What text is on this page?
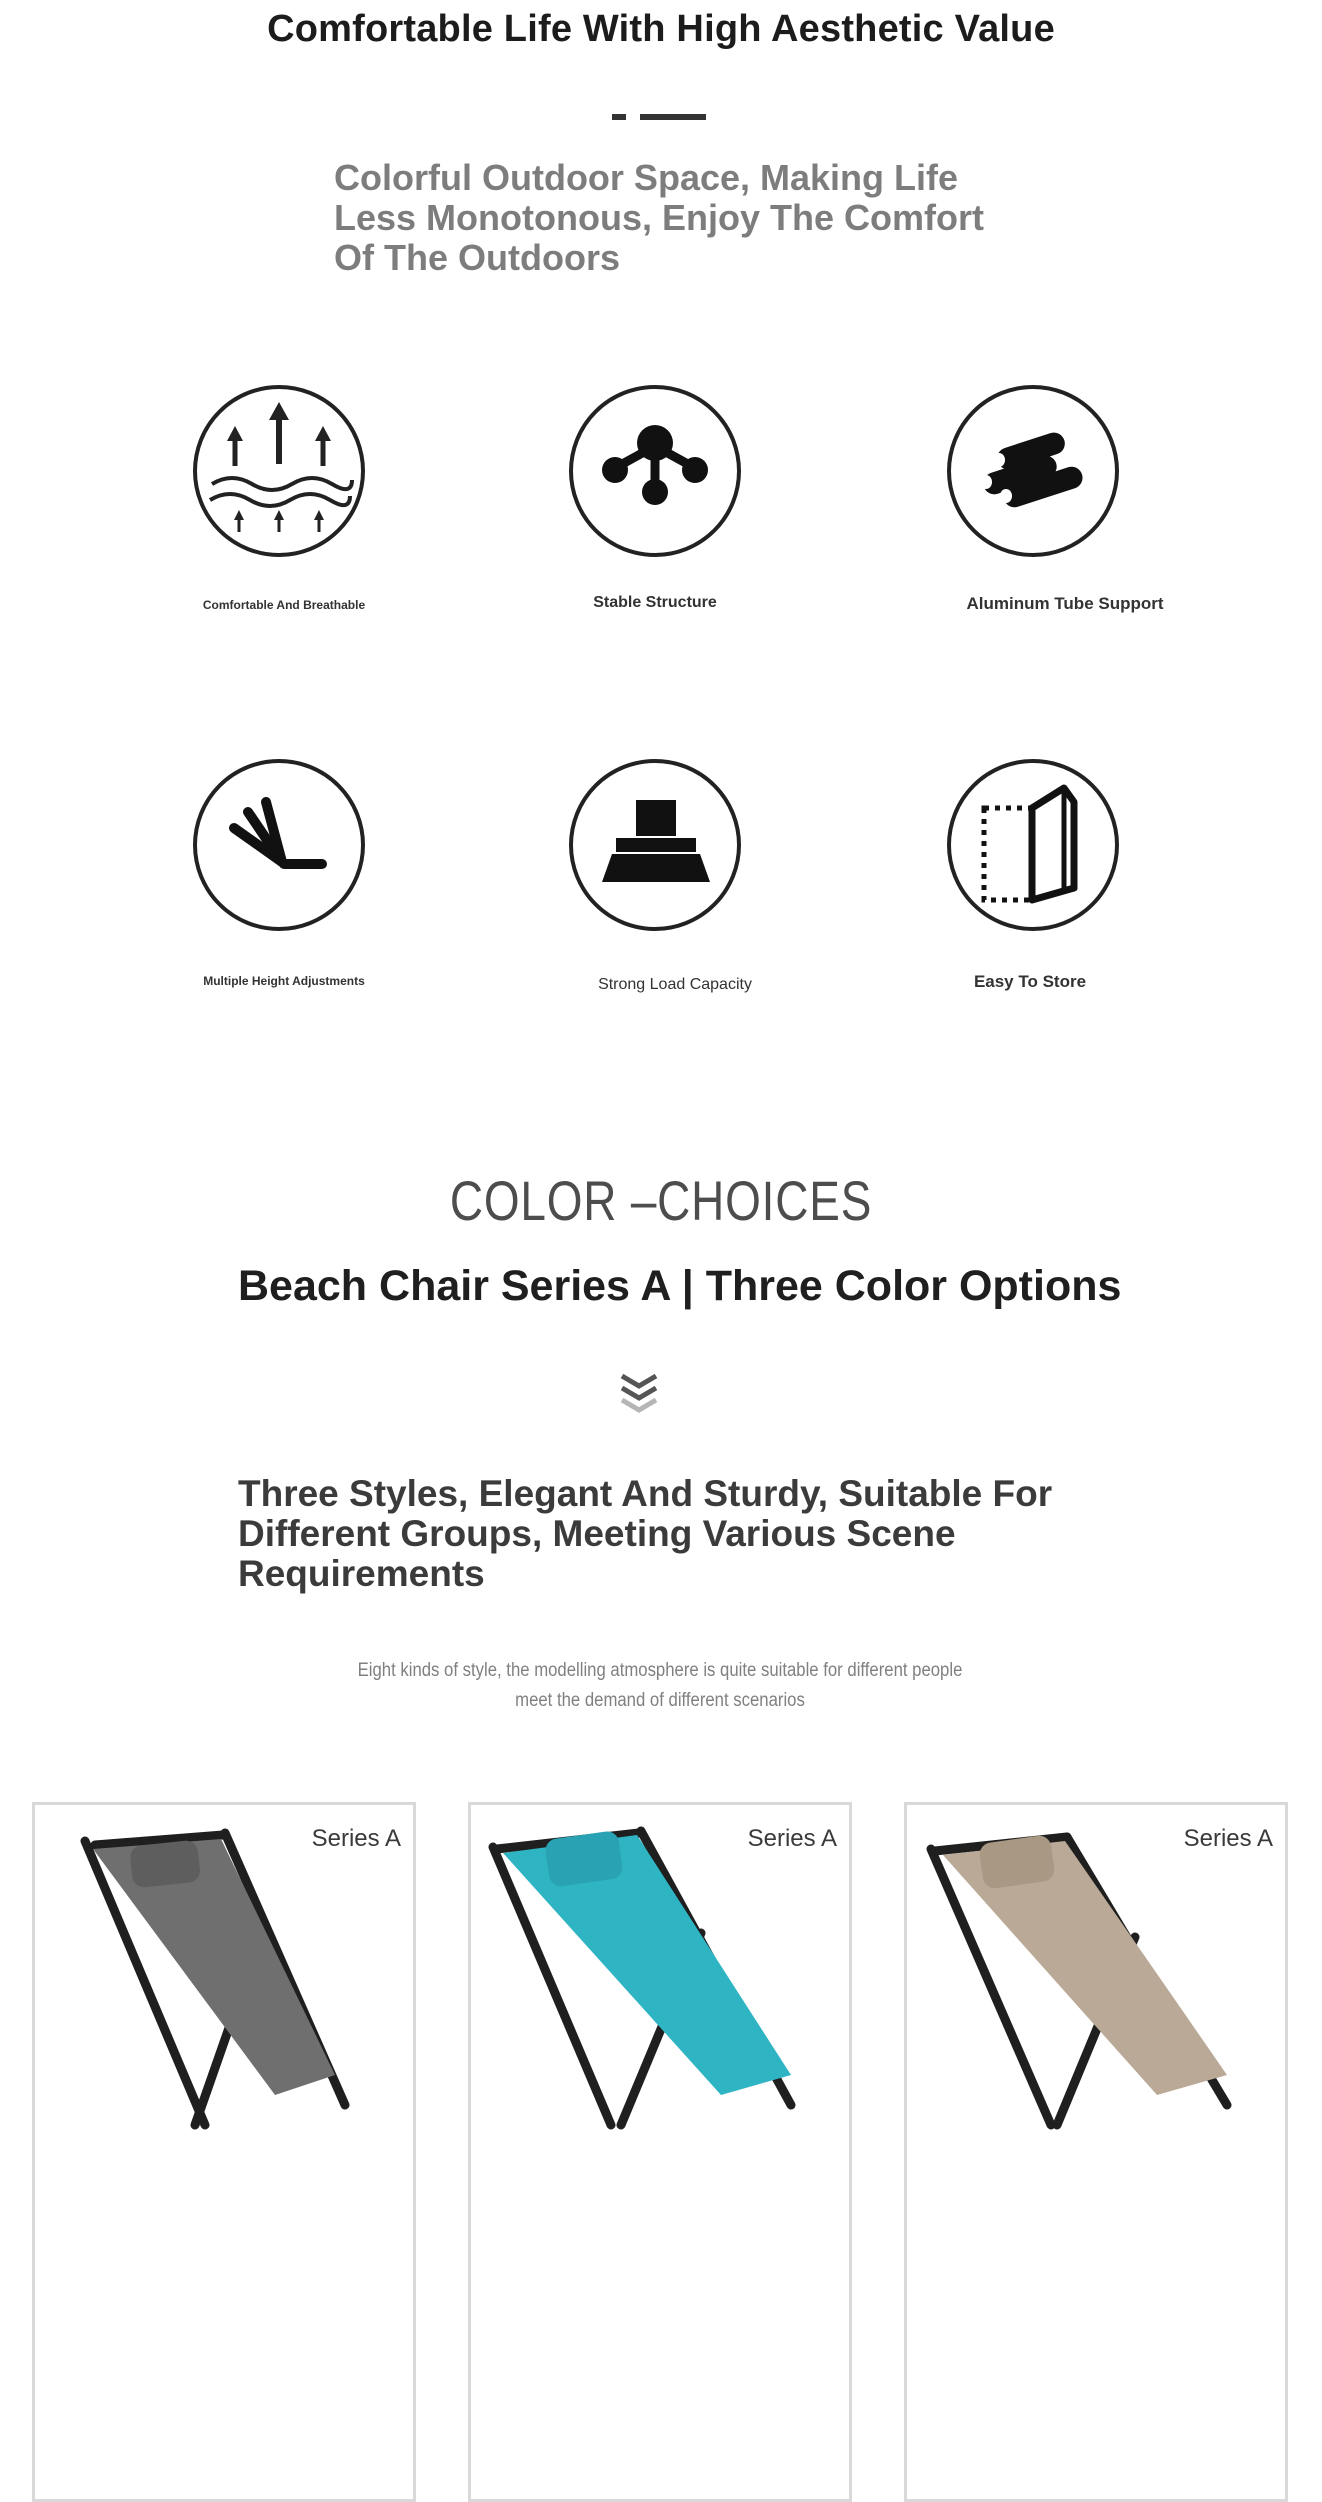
Comfortable Life With High Aesthetic Value
Colorful Outdoor Space, Making Life
Less Monotonous, Enjoy The Comfort
Of The Outdoors
Comfortable And Breathable	Stable Structure	Aluminum Tube Support
Multiple Height Adjustments	Strong Load Capacity	Easy To Store
COLOR –CHOICES
Beach Chair Series A | Three Color Options
Three Styles, Elegant And Sturdy, Suitable For
Different Groups, Meeting Various Scene
Requirements
Eight kinds of style, the modelling atmosphere is quite suitable for different people
meet the demand of different scenarios
Series A	Series A	Series A
